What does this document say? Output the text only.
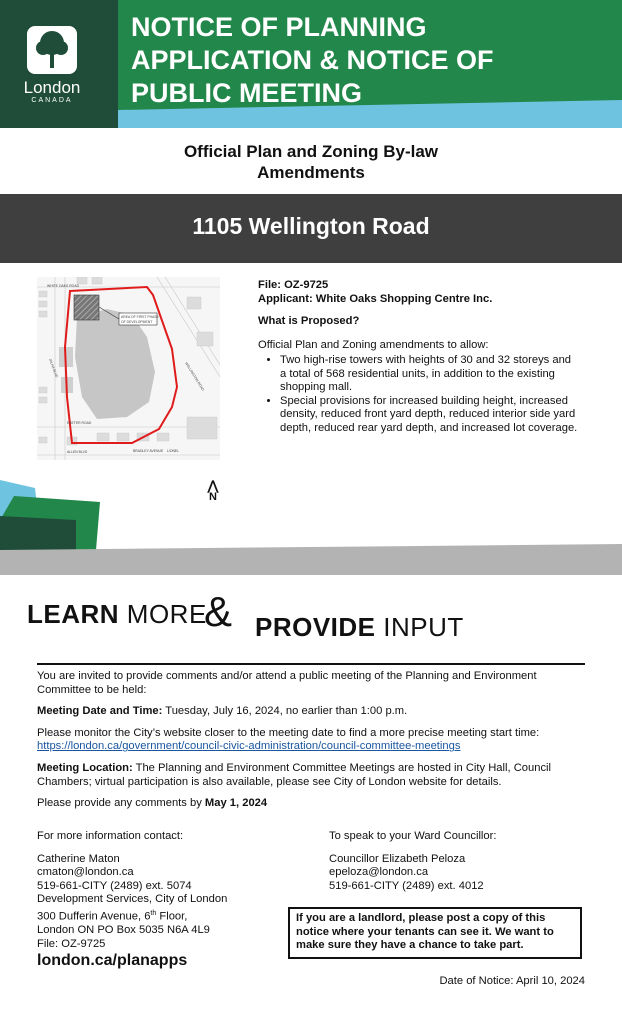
London
CANADA
NOTICE OF PLANNING
APPLICATION & NOTICE OF
PUBLIC MEETING
Official Plan and Zoning By-law
Amendments
1105 Wellington Road
AREA OF FIRST PHASE
OF DEVELOPMENT
WHITE OAKS ROAD
WELLINGTON ROAD
EXETER ROAD
JALNA BLVD
BRADLEY AVENUE
ALLEN BLVD	LIONEL
⋀
N

File: OZ-9725

Applicant: White Oaks Shopping Centre Inc.

What is Proposed?

Official Plan and Zoning amendments to allow:

• Two high-rise towers with heights of 30 and 32 storeys and a total of 568 residential units, in addition to the existing shopping mall.
• Special provisions for increased building height, increased density, reduced front yard depth, reduced interior side yard depth, reduced rear yard depth, and increased lot coverage.
LEARN MORE
& PROVIDE INPUT

You are invited to provide comments and/or attend a public meeting of the Planning and Environment Committee to be held:

Meeting Date and Time: Tuesday, July 16, 2024, no earlier than 1:00 p.m.

Please monitor the City’s website closer to the meeting date to find a more precise meeting start time:
https://london.ca/government/council-civic-administration/council-committee-meetings

Meeting Location: The Planning and Environment Committee Meetings are hosted in City Hall, Council Chambers; virtual participation is also available, please see City of London website for details.

Please provide any comments by May 1, 2024

For more information contact:

Catherine Maton
cmaton@london.ca
519-661-CITY (2489) ext. 5074
Development Services, City of London
300 Dufferin Avenue, 6th Floor,
London ON PO Box 5035 N6A 4L9
File: OZ-9725
london.ca/planapps

To speak to your Ward Councillor:

Councillor Elizabeth Peloza
epeloza@london.ca
519-661-CITY (2489) ext. 4012
If you are a landlord, please post a copy of this notice where your tenants can see it. We want to make sure they have a chance to take part.
Date of Notice: April 10, 2024
